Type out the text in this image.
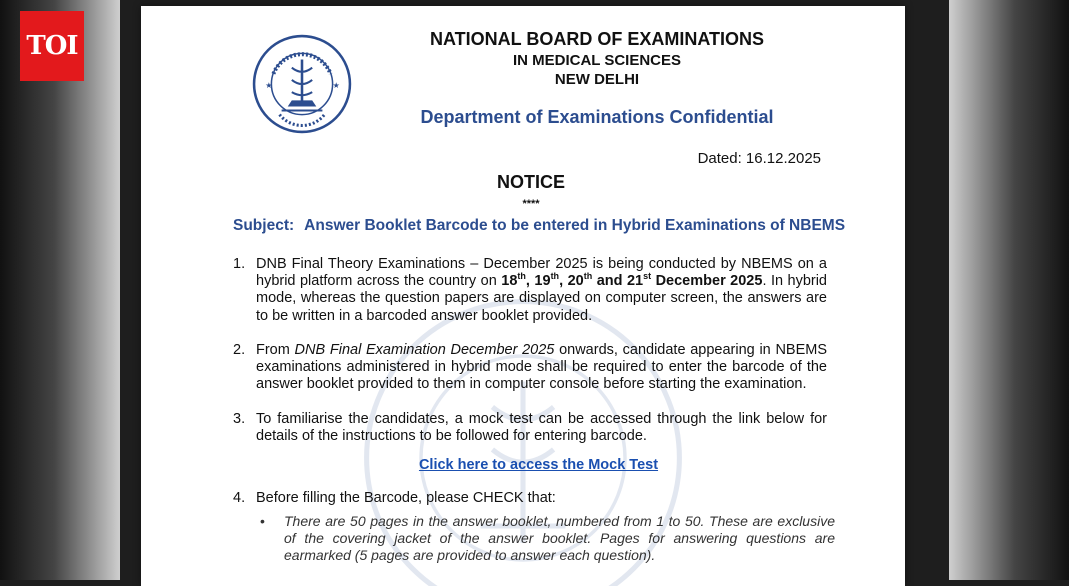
★	★
NATIONAL BOARD OF EXAMINATIONS
IN MEDICAL SCIENCES
NEW DELHI
Department of Examinations Confidential
Dated: 16.12.2025
NOTICE
****
Subject: Answer Booklet Barcode to be entered in Hybrid Examinations of NBEMS
1. DNB Final Theory Examinations – December 2025 is being conducted by NBEMS on a hybrid platform across the country on 18th, 19th, 20th and 21st December 2025. In hybrid mode, whereas the question papers are displayed on computer screen, the answers are to be written in a barcoded answer booklet provided.
2. From DNB Final Examination December 2025 onwards, candidate appearing in NBEMS examinations administered in hybrid mode shall be required to enter the barcode of the answer booklet provided to them in computer console before starting the examination.
3. To familiarise the candidates, a mock test can be accessed through the link below for details of the instructions to be followed for entering barcode.
Click here to access the Mock Test
4. Before filling the Barcode, please CHECK that:
• There are 50 pages in the answer booklet, numbered from 1 to 50. These are exclusive of the covering jacket of the answer booklet. Pages for answering questions are earmarked (5 pages are provided to answer each question).
TOI
